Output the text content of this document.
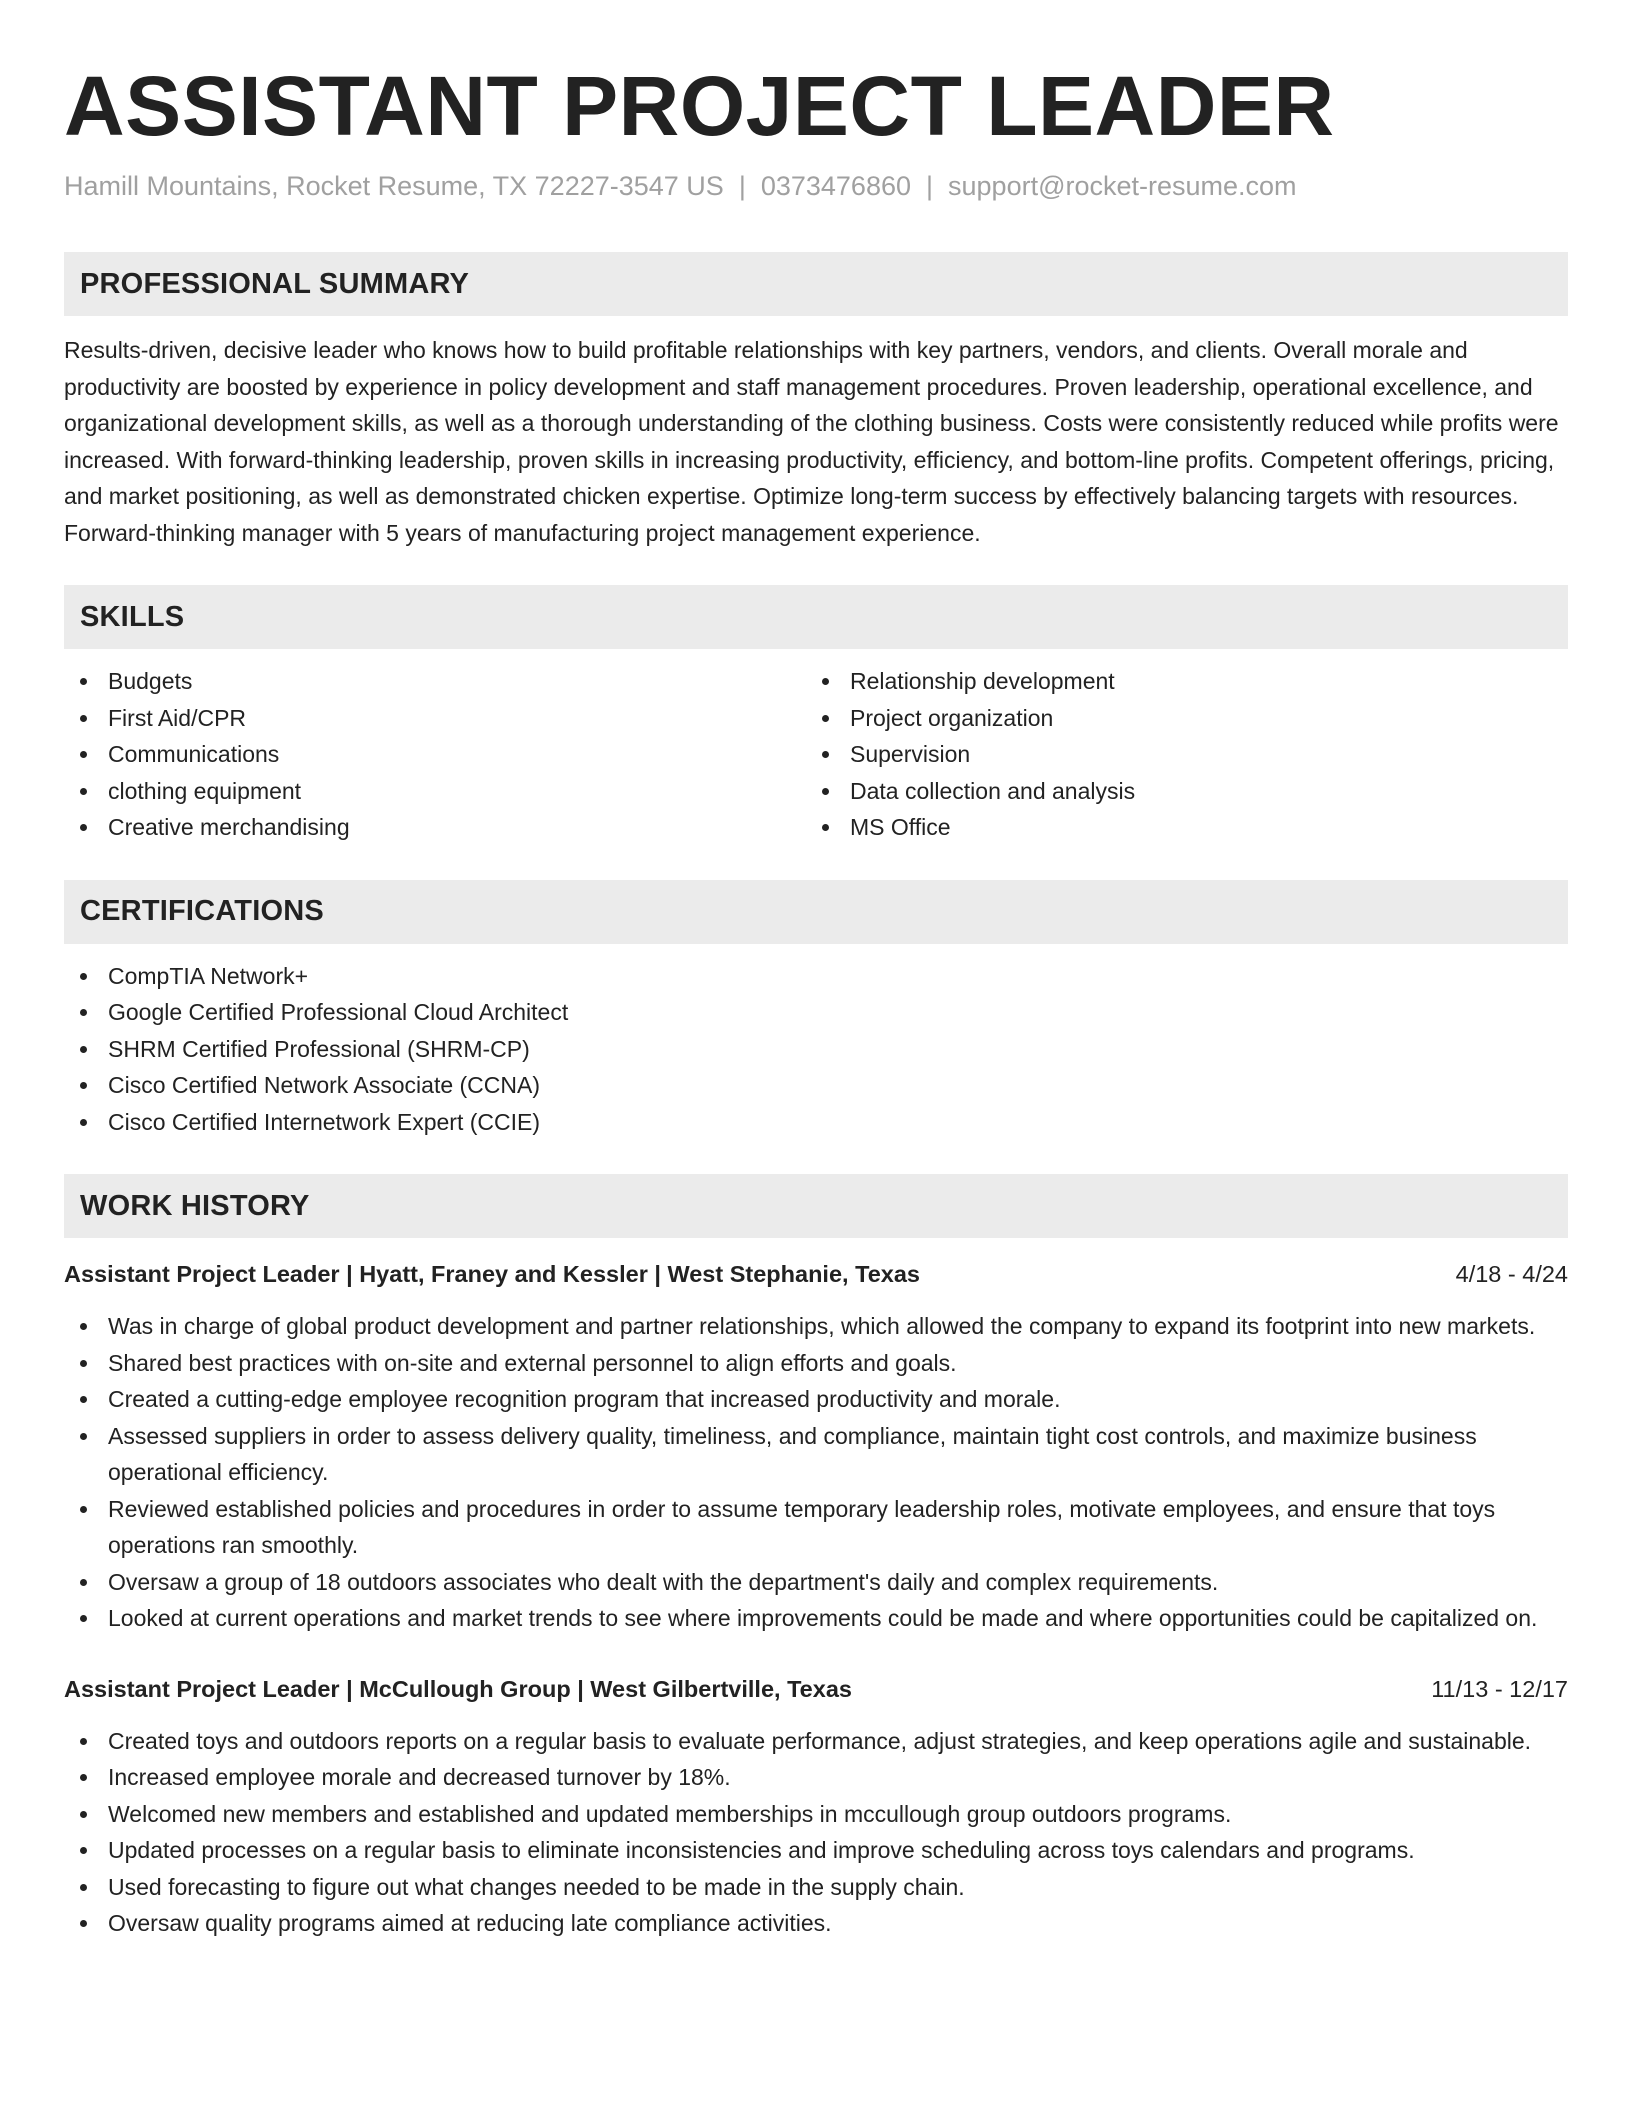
ASSISTANT PROJECT LEADER
Hamill Mountains, Rocket Resume, TX 72227-3547 US | 0373476860 | support@rocket-resume.com
PROFESSIONAL SUMMARY
Results-driven, decisive leader who knows how to build profitable relationships with key partners, vendors, and clients. Overall morale and productivity are boosted by experience in policy development and staff management procedures. Proven leadership, operational excellence, and organizational development skills, as well as a thorough understanding of the clothing business. Costs were consistently reduced while profits were increased. With forward-thinking leadership, proven skills in increasing productivity, efficiency, and bottom-line profits. Competent offerings, pricing, and market positioning, as well as demonstrated chicken expertise. Optimize long-term success by effectively balancing targets with resources. Forward-thinking manager with 5 years of manufacturing project management experience.
SKILLS
Budgets
First Aid/CPR
Communications
clothing equipment
Creative merchandising
Relationship development
Project organization
Supervision
Data collection and analysis
MS Office
CERTIFICATIONS
CompTIA Network+
Google Certified Professional Cloud Architect
SHRM Certified Professional (SHRM-CP)
Cisco Certified Network Associate (CCNA)
Cisco Certified Internetwork Expert (CCIE)
WORK HISTORY
Assistant Project Leader | Hyatt, Franey and Kessler | West Stephanie, Texas	4/18 - 4/24
Was in charge of global product development and partner relationships, which allowed the company to expand its footprint into new markets.
Shared best practices with on-site and external personnel to align efforts and goals.
Created a cutting-edge employee recognition program that increased productivity and morale.
Assessed suppliers in order to assess delivery quality, timeliness, and compliance, maintain tight cost controls, and maximize business operational efficiency.
Reviewed established policies and procedures in order to assume temporary leadership roles, motivate employees, and ensure that toys operations ran smoothly.
Oversaw a group of 18 outdoors associates who dealt with the department's daily and complex requirements.
Looked at current operations and market trends to see where improvements could be made and where opportunities could be capitalized on.
Assistant Project Leader | McCullough Group | West Gilbertville, Texas	11/13 - 12/17
Created toys and outdoors reports on a regular basis to evaluate performance, adjust strategies, and keep operations agile and sustainable.
Increased employee morale and decreased turnover by 18%.
Welcomed new members and established and updated memberships in mccullough group outdoors programs.
Updated processes on a regular basis to eliminate inconsistencies and improve scheduling across toys calendars and programs.
Used forecasting to figure out what changes needed to be made in the supply chain.
Oversaw quality programs aimed at reducing late compliance activities.
